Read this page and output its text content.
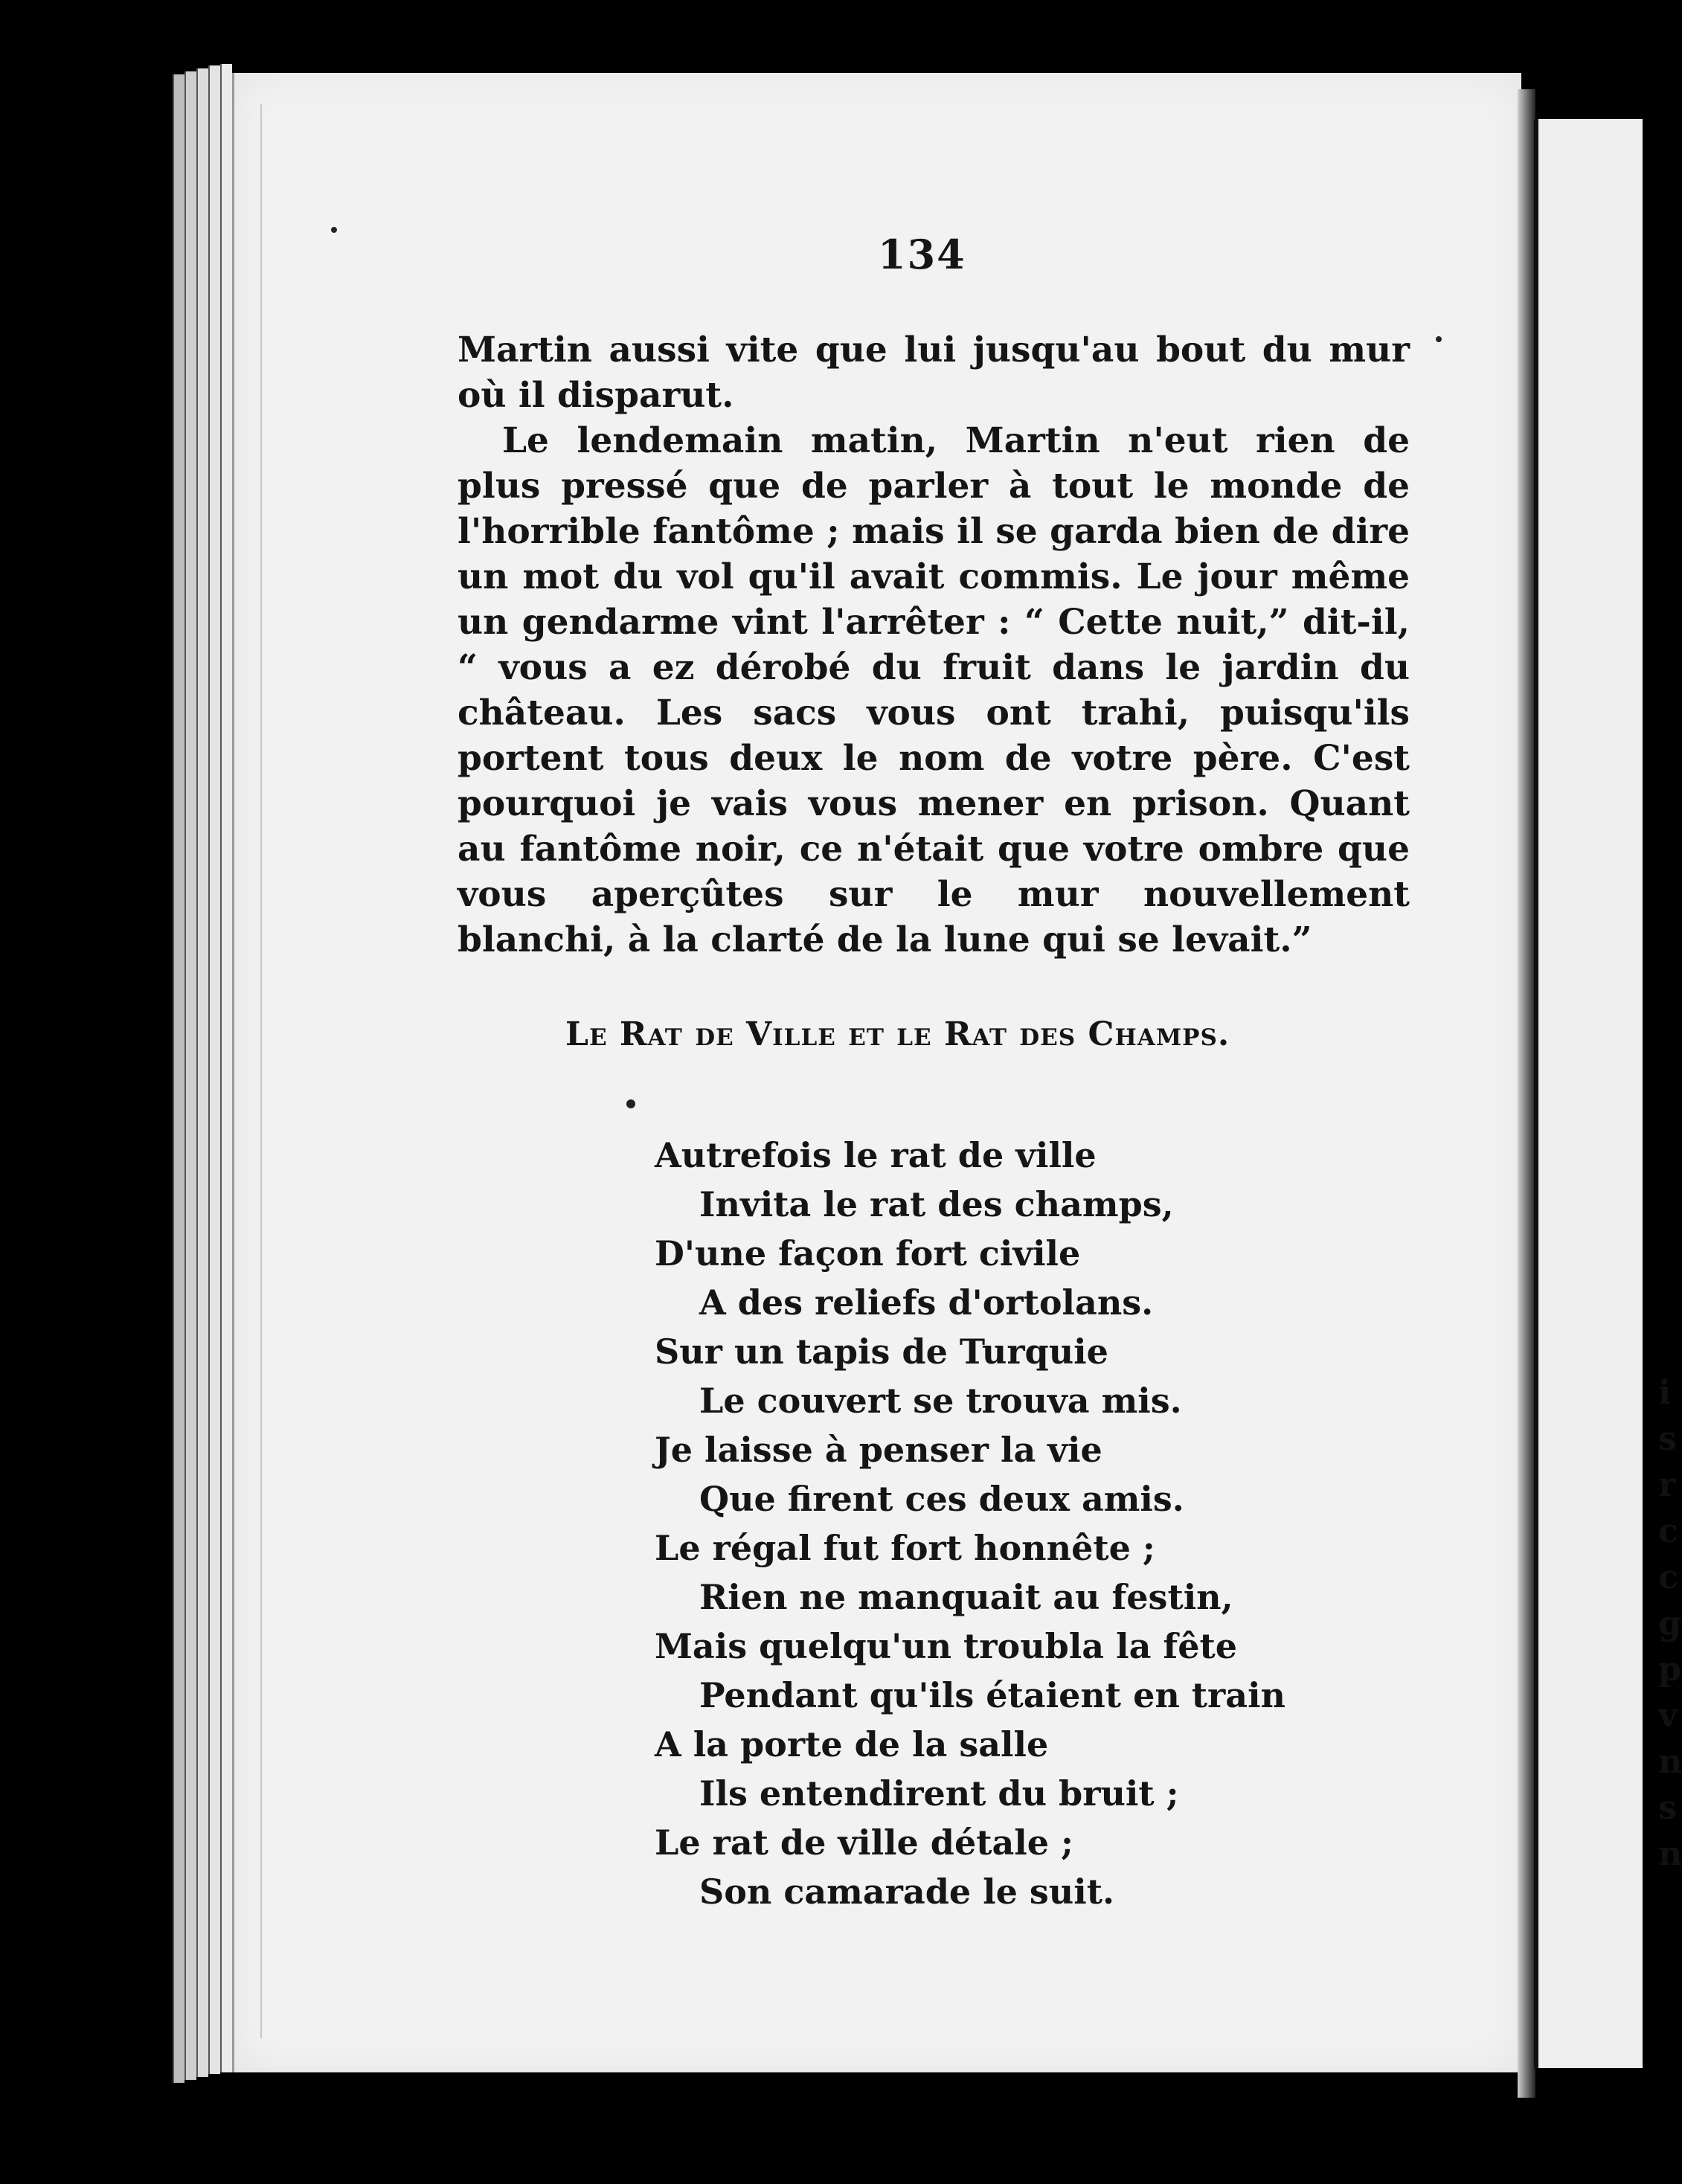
i
s
r
c
c
g
p
v
n
s
n

134

Martin aussi vite que lui jusqu'au bout du mur où il disparut.

Le lendemain matin, Martin n'eut rien de plus pressé que de parler à tout le monde de l'horrible fantôme ; mais il se garda bien de dire un mot du vol qu'il avait commis. Le jour même un gendarme vint l'arrêter : “ Cette nuit,” dit-il, “ vous a ez dérobé du fruit dans le jardin du château. Les sacs vous ont trahi, puisqu'ils portent tous deux le nom de votre père. C'est pourquoi je vais vous mener en prison. Quant au fantôme noir, ce n'était que votre ombre que vous aperçûtes sur le mur nouvellement blanchi, à la clarté de la lune qui se levait.”

Le Rat de Ville et le Rat des Champs.
Autrefois le rat de ville
Invita le rat des champs,
D'une façon fort civile
A des reliefs d'ortolans.
Sur un tapis de Turquie
Le couvert se trouva mis.
Je laisse à penser la vie
Que firent ces deux amis.
Le régal fut fort honnête ;
Rien ne manquait au festin,
Mais quelqu'un troubla la fête
Pendant qu'ils étaient en train
A la porte de la salle
Ils entendirent du bruit ;
Le rat de ville détale ;
Son camarade le suit.
